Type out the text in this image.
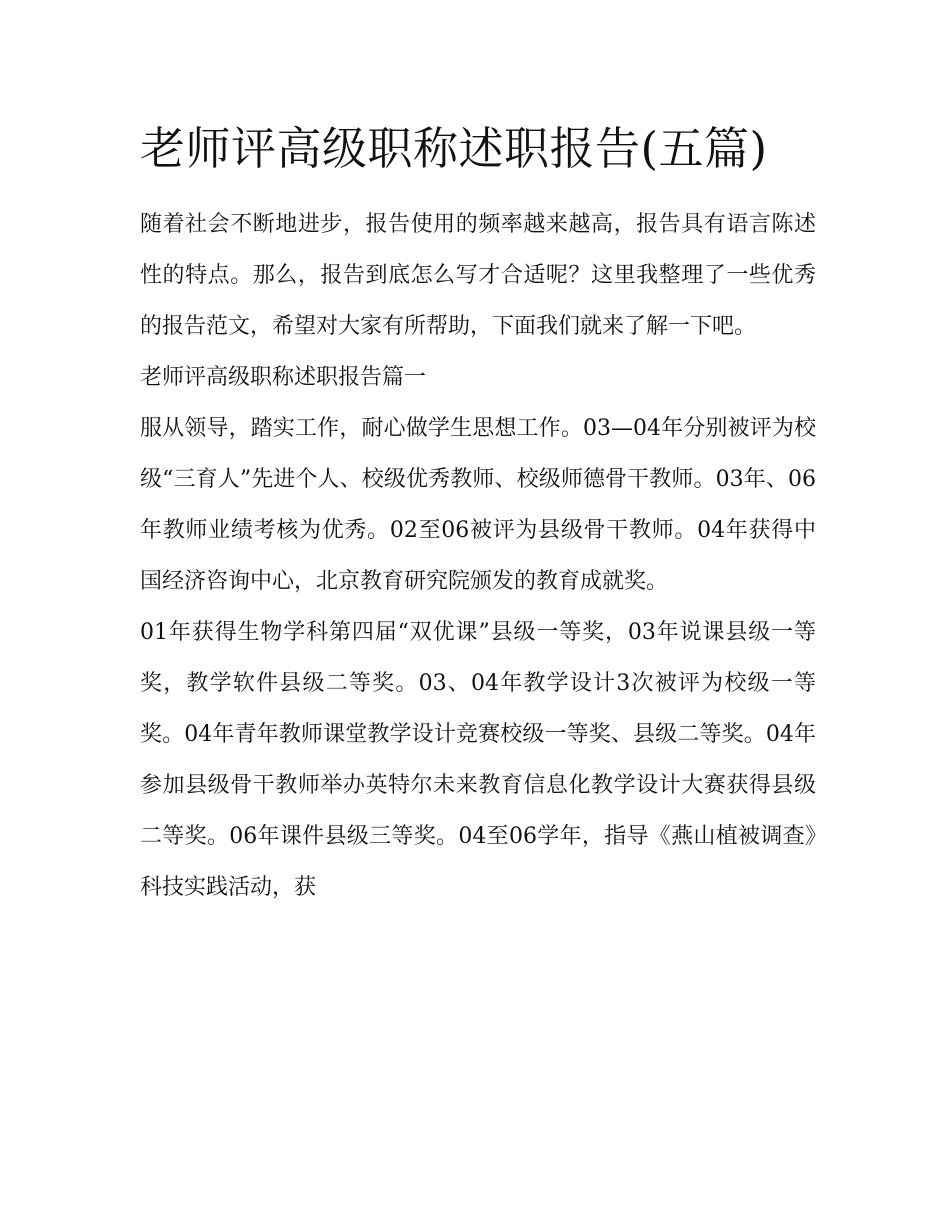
老师评高级职称述职报告(五篇)

随着社会不断地进步，报告使用的频率越来越高，报告具有语言陈述性的特点。那么，报告到底怎么写才合适呢？这里我整理了一些优秀的报告范文，希望对大家有所帮助，下面我们就来了解一下吧。

老师评高级职称述职报告篇一

服从领导，踏实工作，耐心做学生思想工作。03—04年分别被评为校级“三育人”先进个人、校级优秀教师、校级师德骨干教师。03年、06年教师业绩考核为优秀。02至06被评为县级骨干教师。04年获得中国经济咨询中心，北京教育研究院颁发的教育成就奖。

01年获得生物学科第四届“双优课”县级一等奖，03年说课县级一等奖，教学软件县级二等奖。03、04年教学设计3次被评为校级一等奖。04年青年教师课堂教学设计竞赛校级一等奖、县级二等奖。04年参加县级骨干教师举办英特尔未来教育信息化教学设计大赛获得县级二等奖。06年课件县级三等奖。04至06学年，指导《燕山植被调查》科技实践活动，获
